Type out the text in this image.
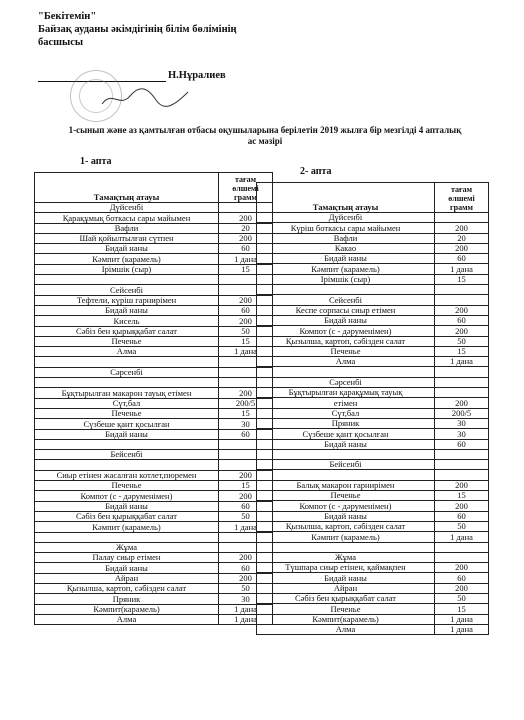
"Бекітемін"
Байзақ ауданы әкімдігінің білім бөлімінің
басшысы
Н.Нұралиев
1-сынып және аз қамтылған отбасы оқушыларына берілетін 2019 жылға бір мезгілді 4 апталық
ас мәзірі
1- апта
2- апта
Тамақтың атауы	тағам өлшемі грамм
Дүйсенбі	
Қарақұмық боткасы сары майымен	200
Вафли	20
Шай қойылтылған сүтпен	200
Бидай наны	60
Кәмпит (карамель)	1 дана
Ірімшік (сыр)	15

Сейсенбі	
Тефтели, күріш гарнирімен	200
Бидай наны	60
Кисель	200
Сәбіз бен қырыққабат салат	50
Печенье	15
Алма	1 дана

Сәрсенбі	

Бұқтырылған макарон тауық етімен	200
Сүт,бал	200/5
Печенье	15
Сүзбеше қант қосылған	30
Бидай наны	60

Бейсенбі	

Сиыр етінен жасалған котлет,пюремен	200
Печенье	15
Компот (с - дәруменімен)	200
Бидай наны	60
Сәбіз бен қырыққабат салат	50
Кәмпит (карамель)	1 дана

Жұма	
Палау сиыр етімен	200
Бидай наны	60
Айран	200
Қызылша, картоп, сәбізден салат	50
Пряник	30
Кәмпит(карамель)	1 дана
Алма	1 дана
Тамақтың атауы	тағам өлшемі грамм
Дүйсенбі	
Күріш боткасы сары майымен	200
Вафли	20
Какао	200
Бидай наны	60
Кәмпит (карамель)	1 дана
Ірімшік (сыр)	15

Сейсенбі	
Кеспе сорпасы сиыр етімен	200
Бидай наны	60
Компот (с - дәруменімен)	200
Қызылша, картоп, сәбізден салат	50
Печенье	15
Алма	1 дана

Сәрсенбі	
Бұқтырылған қарақұмық тауық	
етімен	200
Сүт,бал	200/5
Пряник	30
Сүзбеше қант қосылған	30
Бидай наны	60

Бейсенбі	

Балық макарон гарнирімен	200
Печенье	15
Компот (с - дәруменімен)	200
Бидай наны	60
Қызылша, картоп, сәбізден салат	50
Кәмпит (карамель)	1 дана

Жұма	
Түшпара сиыр етінен, қаймақпен	200
Бидай наны	60
Айран	200
Сәбіз бен қырыққабат салат	50
Печенье	15
Кәмпит(карамель)	1 дана
Алма	1 дана
